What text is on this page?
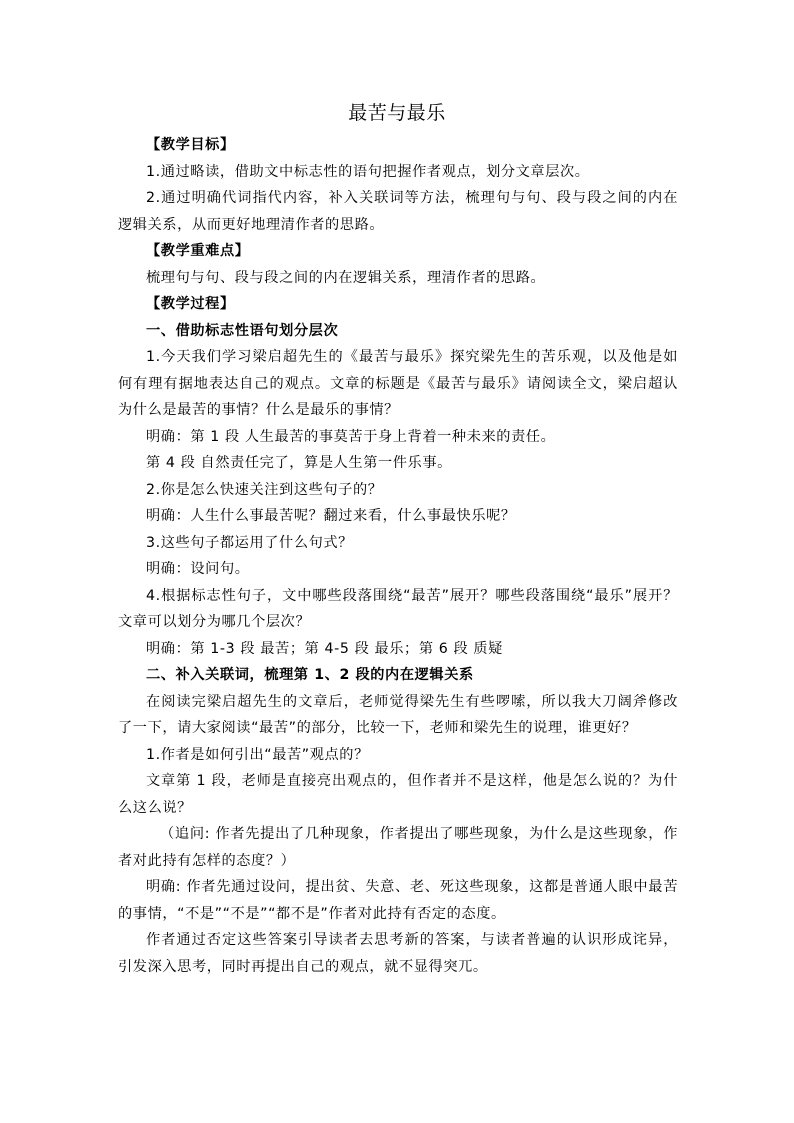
最苦与最乐

【教学目标】

1.通过略读，借助文中标志性的语句把握作者观点，划分文章层次。

2.通过明确代词指代内容，补入关联词等方法，梳理句与句、段与段之间的内在逻辑关系，从而更好地理清作者的思路。

【教学重难点】

梳理句与句、段与段之间的内在逻辑关系，理清作者的思路。

【教学过程】

一、借助标志性语句划分层次

1.今天我们学习梁启超先生的《最苦与最乐》探究梁先生的苦乐观，以及他是如何有理有据地表达自己的观点。文章的标题是《最苦与最乐》请阅读全文，梁启超认为什么是最苦的事情？什么是最乐的事情？

明确：第 1 段 人生最苦的事莫苦于身上背着一种未来的责任。

第 4 段 自然责任完了，算是人生第一件乐事。

2.你是怎么快速关注到这些句子的？

明确：人生什么事最苦呢？翻过来看，什么事最快乐呢？

3.这些句子都运用了什么句式？

明确：设问句。

4.根据标志性句子，文中哪些段落围绕“最苦”展开？哪些段落围绕“最乐”展开？文章可以划分为哪几个层次？

明确：第 1-3 段 最苦；第 4-5 段 最乐；第 6 段 质疑

二、补入关联词，梳理第 1、2 段的内在逻辑关系

在阅读完梁启超先生的文章后，老师觉得梁先生有些啰嗦，所以我大刀阔斧修改了一下，请大家阅读“最苦”的部分，比较一下，老师和梁先生的说理，谁更好？

1.作者是如何引出“最苦”观点的？

文章第 1 段，老师是直接亮出观点的，但作者并不是这样，他是怎么说的？为什么这么说？

（追问: 作者先提出了几种现象，作者提出了哪些现象，为什么是这些现象，作者对此持有怎样的态度？）

明确: 作者先通过设问，提出贫、失意、老、死这些现象，这都是普通人眼中最苦的事情，“不是”“不是”“都不是”作者对此持有否定的态度。

作者通过否定这些答案引导读者去思考新的答案，与读者普遍的认识形成诧异，引发深入思考，同时再提出自己的观点，就不显得突兀。
